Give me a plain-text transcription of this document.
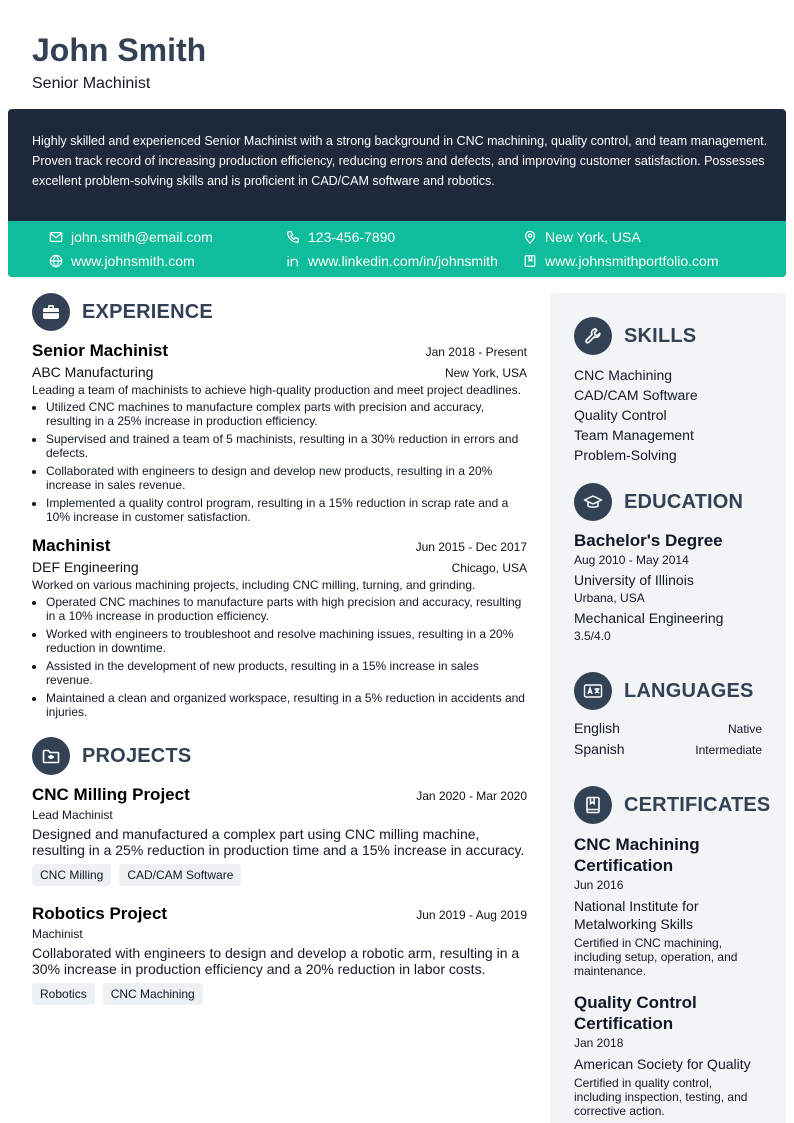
John Smith
Senior Machinist
Highly skilled and experienced Senior Machinist with a strong background in CNC machining, quality control, and team management. Proven track record of increasing production efficiency, reducing errors and defects, and improving customer satisfaction. Possesses excellent problem-solving skills and is proficient in CAD/CAM software and robotics.
john.smith@email.com	123-456-7890	New York, USA
www.johnsmith.com	www.linkedin.com/in/johnsmith	www.johnsmithportfolio.com
EXPERIENCE
Senior Machinist	Jan 2018 - Present
ABC Manufacturing	New York, USA
Leading a team of machinists to achieve high-quality production and meet project deadlines.
• Utilized CNC machines to manufacture complex parts with precision and accuracy, resulting in a 25% increase in production efficiency.
• Supervised and trained a team of 5 machinists, resulting in a 30% reduction in errors and defects.
• Collaborated with engineers to design and develop new products, resulting in a 20% increase in sales revenue.
• Implemented a quality control program, resulting in a 15% reduction in scrap rate and a 10% increase in customer satisfaction.
Machinist	Jun 2015 - Dec 2017
DEF Engineering	Chicago, USA
Worked on various machining projects, including CNC milling, turning, and grinding.
• Operated CNC machines to manufacture parts with high precision and accuracy, resulting in a 10% increase in production efficiency.
• Worked with engineers to troubleshoot and resolve machining issues, resulting in a 20% reduction in downtime.
• Assisted in the development of new products, resulting in a 15% increase in sales revenue.
• Maintained a clean and organized workspace, resulting in a 5% reduction in accidents and injuries.
PROJECTS
CNC Milling Project	Jan 2020 - Mar 2020
Lead Machinist
Designed and manufactured a complex part using CNC milling machine, resulting in a 25% reduction in production time and a 15% increase in accuracy.
CNC Milling	CAD/CAM Software
Robotics Project	Jun 2019 - Aug 2019
Machinist
Collaborated with engineers to design and develop a robotic arm, resulting in a 30% increase in production efficiency and a 20% reduction in labor costs.
Robotics	CNC Machining
SKILLS
CNC Machining
CAD/CAM Software
Quality Control
Team Management
Problem-Solving
EDUCATION
Bachelor's Degree
Aug 2010 - May 2014
University of Illinois
Urbana, USA
Mechanical Engineering
3.5/4.0
LANGUAGES
English	Native
Spanish	Intermediate
CERTIFICATES
CNC Machining Certification
Jun 2016
National Institute for Metalworking Skills
Certified in CNC machining, including setup, operation, and maintenance.
Quality Control Certification
Jan 2018
American Society for Quality
Certified in quality control, including inspection, testing, and corrective action.
